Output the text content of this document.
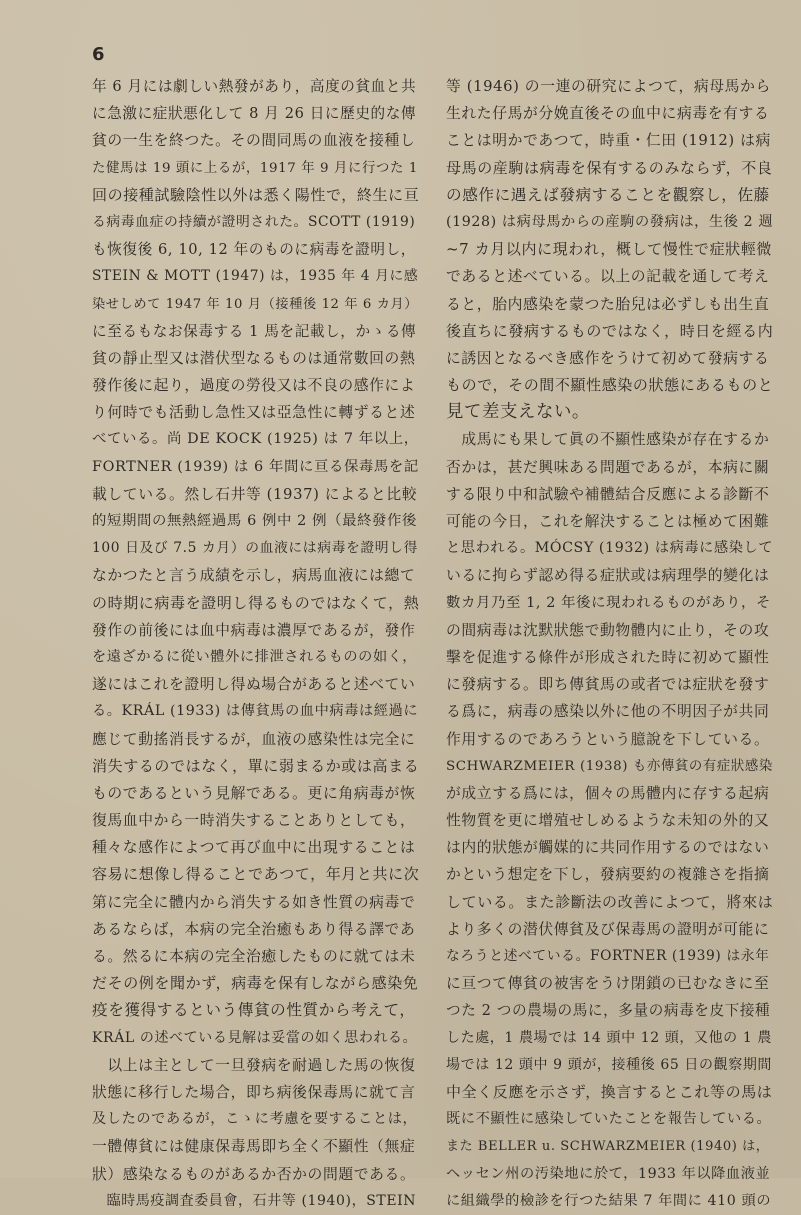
6
年 6 月には劇しい熱發があり，高度の貧血と共
に急激に症狀悪化して 8 月 26 日に歷史的な傳
貧の一生を終つた。その間同馬の血液を接種し
た健馬は 19 頭に上るが，1917 年 9 月に行つた 1
回の接種試驗陰性以外は悉く陽性で，終生に亘
る病毒血症の持續が證明された。SCOTT (1919)
も恢復後 6, 10, 12 年のものに病毒を證明し，
STEIN & MOTT (1947) は，1935 年 4 月に感
染せしめて 1947 年 10 月（接種後 12 年 6 カ月）
に至るもなお保毒する 1 馬を記載し，かゝる傳
貧の靜止型又は潜伏型なるものは通常數回の熱
發作後に起り，過度の勞役又は不良の感作によ
り何時でも活動し急性又は亞急性に轉ずると述
べている。尚 DE KOCK (1925) は 7 年以上，
FORTNER (1939) は 6 年間に亘る保毒馬を記
載している。然し石井等 (1937) によると比較
的短期間の無熱經過馬 6 例中 2 例（最終發作後
100 日及び 7.5 カ月）の血液には病毒を證明し得
なかつたと言う成績を示し，病馬血液には總て
の時期に病毒を證明し得るものではなくて，熱
發作の前後には血中病毒は濃厚であるが，發作
を遠ざかるに從い體外に排泄されるものの如く，
遂にはこれを證明し得ぬ場合があると述べてい
る。KRÁL (1933) は傳貧馬の血中病毒は經過に
應じて動搖消長するが，血液の感染性は完全に
消失するのではなく，單に弱まるか或は高まる
ものであるという見解である。更に角病毒が恢
復馬血中から一時消失することありとしても，
種々な感作によつて再び血中に出現することは
容易に想像し得ることであつて，年月と共に次
第に完全に體内から消失する如き性質の病毒で
あるならば，本病の完全治癒もあり得る譯であ
る。然るに本病の完全治癒したものに就ては未
だその例を聞かず，病毒を保有しながら感染免
疫を獲得するという傳貧の性質から考えて，
KRÁL の述べている見解は妥當の如く思われる。
　以上は主として一旦發病を耐過した馬の恢復
狀態に移行した場合，即ち病後保毒馬に就て言
及したのであるが，こゝに考慮を要することは，
一體傳貧には健康保毒馬即ち全く不顯性（無症
狀）感染なるものがあるか否かの問題である。
　臨時馬疫調査委員會，石井等 (1940)，STEIN
等 (1946) の一連の研究によつて，病母馬から
生れた仔馬が分娩直後その血中に病毒を有する
ことは明かであつて，時重・仁田 (1912) は病
母馬の産駒は病毒を保有するのみならず，不良
の感作に遇えば發病することを觀察し，佐藤
(1928) は病母馬からの産駒の發病は，生後 2 週
~7 カ月以内に現われ，概して慢性で症狀輕微
であると述べている。以上の記載を通して考え
ると，胎内感染を蒙つた胎兒は必ずしも出生直
後直ちに發病するものではなく，時日を經る内
に誘因となるべき感作をうけて初めて發病する
もので，その間不顯性感染の狀態にあるものと
見て差支えない。
　成馬にも果して眞の不顯性感染が存在するか
否かは，甚だ興味ある問題であるが，本病に關
する限り中和試驗や補體結合反應による診斷不
可能の今日，これを解決することは極めて困難
と思われる。MÓCSY (1932) は病毒に感染して
いるに拘らず認め得る症狀或は病理學的變化は
數カ月乃至 1, 2 年後に現われるものがあり，そ
の間病毒は沈默狀態で動物體内に止り，その攻
擊を促進する條件が形成された時に初めて顯性
に發病する。即ち傳貧馬の或者では症狀を發す
る爲に，病毒の感染以外に他の不明因子が共同
作用するのであろうという臆說を下している。
SCHWARZMEIER (1938) も亦傳貧の有症狀感染
が成立する爲には，個々の馬體内に存する起病
性物質を更に增殖せしめるような未知の外的又
は内的狀態が觸媒的に共同作用するのではない
かという想定を下し，發病要約の複雜さを指摘
している。また診斷法の改善によつて，將來は
より多くの潜伏傳貧及び保毒馬の證明が可能に
なろうと述べている。FORTNER (1939) は永年
に亘つて傳貧の被害をうけ閉鎖の已むなきに至
つた 2 つの農場の馬に，多量の病毒を皮下接種
した處，1 農場では 14 頭中 12 頭，又他の 1 農
場では 12 頭中 9 頭が，接種後 65 日の觀察期間
中全く反應を示さず，換言するとこれ等の馬は
既に不顯性に感染していたことを報告している。
また BELLER u. SCHWARZMEIER (1940) は，
ヘッセン州の汚染地に於て，1933 年以降血液並
に組織學的檢診を行つた結果 7 年間に 410 頭の
